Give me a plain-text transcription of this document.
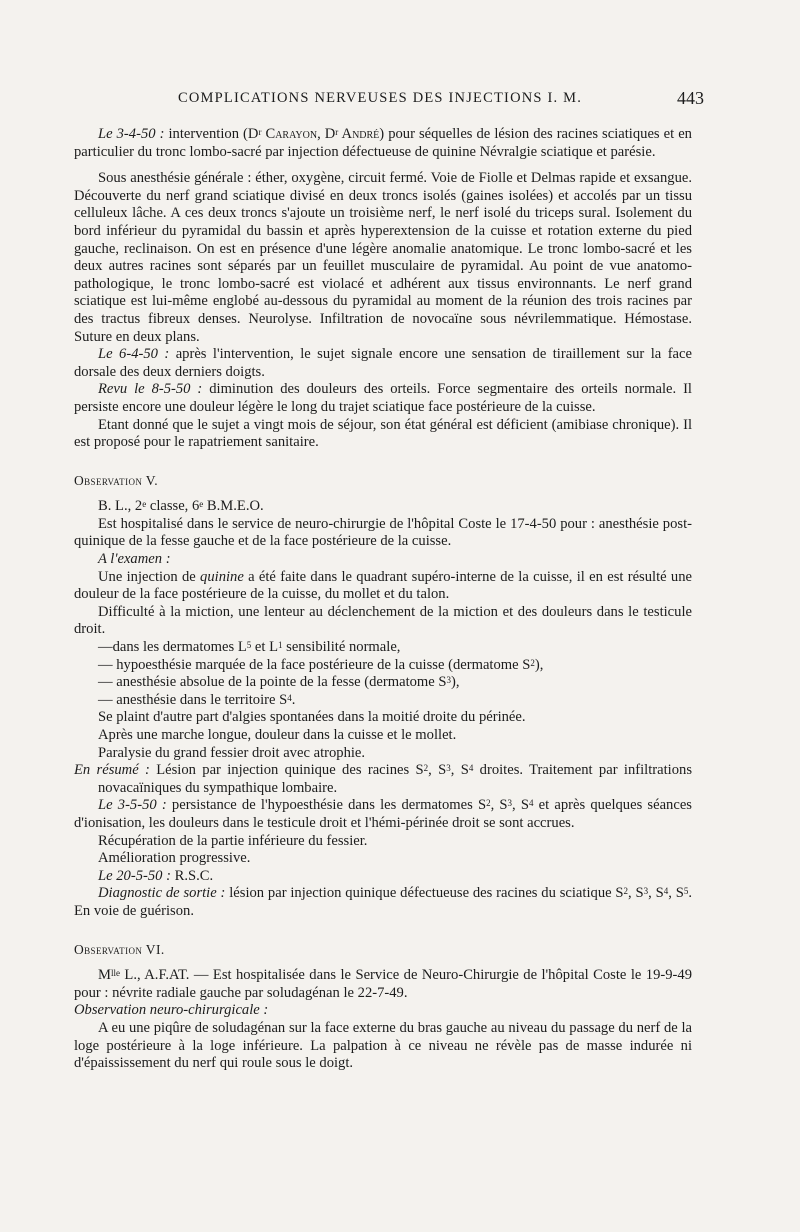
COMPLICATIONS NERVEUSES DES INJECTIONS I. M.	443

Le 3-4-50 : intervention ($D^r$ Carayon, $D^r$ André) pour séquelles de lésion des racines sciatiques et en particulier du tronc lombo-sacré par injection défectueuse de quinine Névralgie sciatique et parésie.

Sous anesthésie générale : éther, oxygène, circuit fermé. Voie de Fiolle et Delmas rapide et exsangue. Découverte du nerf grand sciatique divisé en deux troncs isolés (gaines isolées) et accolés par un tissu celluleux lâche. A ces deux troncs s'ajoute un troisième nerf, le nerf isolé du triceps sural. Isolement du bord inférieur du pyramidal du bassin et après hyperextension de la cuisse et rotation externe du pied gauche, reclinaison. On est en présence d'une légère anomalie anatomique. Le tronc lombo-sacré et les deux autres racines sont séparés par un feuillet musculaire de pyramidal. Au point de vue anatomo-pathologique, le tronc lombo-sacré est violacé et adhérent aux tissus environnants. Le nerf grand sciatique est lui-même englobé au-dessous du pyramidal au moment de la réunion des trois racines par des tractus fibreux denses. Neurolyse. Infiltration de novocaïne sous névrilemmatique. Hémostase. Suture en deux plans.

Le 6-4-50 : après l'intervention, le sujet signale encore une sensation de tiraillement sur la face dorsale des deux derniers doigts.

Revu le 8-5-50 : diminution des douleurs des orteils. Force segmentaire des orteils normale. Il persiste encore une douleur légère le long du trajet sciatique face postérieure de la cuisse.

Etant donné que le sujet a vingt mois de séjour, son état général est déficient (amibiase chronique). Il est proposé pour le rapatriement sanitaire.

Observation V.

B. L., 2e classe, 6e B.M.E.O.

Est hospitalisé dans le service de neuro-chirurgie de l'hôpital Coste le 17-4-50 pour : anesthésie post-quinique de la fesse gauche et de la face postérieure de la cuisse.

A l'examen :

Une injection de quinine a été faite dans le quadrant supéro-interne de la cuisse, il en est résulté une douleur de la face postérieure de la cuisse, du mollet et du talon.

Difficulté à la miction, une lenteur au déclenchement de la miction et des douleurs dans le testicule droit.

—dans les dermatomes $L^5$ et $L^1$ sensibilité normale,

— hypoesthésie marquée de la face postérieure de la cuisse (dermatome $S^2$),

— anesthésie absolue de la pointe de la fesse (dermatome $S^3$),

— anesthésie dans le territoire $S^4$.

Se plaint d'autre part d'algies spontanées dans la moitié droite du périnée.

Après une marche longue, douleur dans la cuisse et le mollet.

Paralysie du grand fessier droit avec atrophie.

En résumé : Lésion par injection quinique des racines $S^2$, $S^3$, $S^4$ droites. Traitement par infiltrations novacaïniques du sympathique lombaire.

Le 3-5-50 : persistance de l'hypoesthésie dans les dermatomes $S^2$, $S^3$, $S^4$ et après quelques séances d'ionisation, les douleurs dans le testicule droit et l'hémi-périnée droit se sont accrues.

Récupération de la partie inférieure du fessier.

Amélioration progressive.

Le 20-5-50 : R.S.C.

Diagnostic de sortie : lésion par injection quinique défectueuse des racines du sciatique $S^2$, $S^3$, $S^4$, $S^5$. En voie de guérison.

Observation VI.

$M^{lle}$ L., A.F.AT. — Est hospitalisée dans le Service de Neuro-Chirurgie de l'hôpital Coste le 19-9-49 pour : névrite radiale gauche par soludagénan le 22-7-49.

Observation neuro-chirurgicale :

A eu une piqûre de soludagénan sur la face externe du bras gauche au niveau du passage du nerf de la loge postérieure à la loge inférieure. La palpation à ce niveau ne révèle pas de masse indurée ni d'épaississement du nerf qui roule sous le doigt.
